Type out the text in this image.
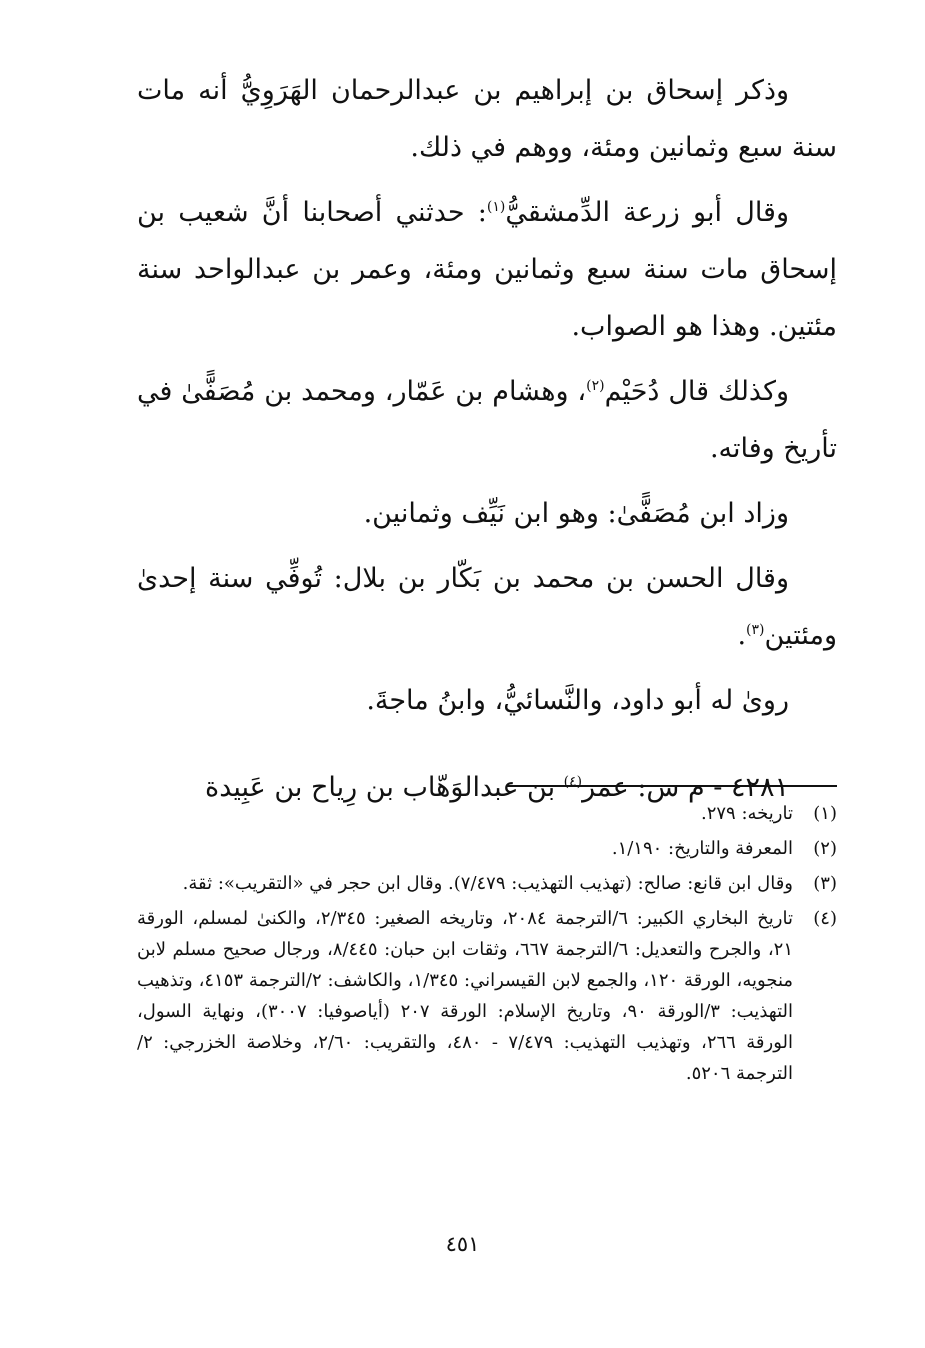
وذكر إسحاق بن إبراهيم بن عبدالرحمان الهَرَوِيُّ أنه مات سنة سبع وثمانين ومئة، ووهم في ذلك.

وقال أبو زرعة الدِّمشقيُّ$^{(١)}$: حدثني أصحابنا أنَّ شعيب بن إسحاق مات سنة سبع وثمانين ومئة، وعمر بن عبدالواحد سنة مئتين. وهذا هو الصواب.

وكذلك قال دُحَيْم$^{(٢)}$، وهشام بن عَمّار، ومحمد بن مُصَفًّىٰ في تأريخ وفاته.

وزاد ابن مُصَفًّىٰ: وهو ابن نَيِّف وثمانين.

وقال الحسن بن محمد بن بَكّار بن بلال: تُوفِّي سنة إحدىٰ ومئتين$^{(٣)}$.

روىٰ له أبو داود، والنَّسائيُّ، وابنُ ماجةَ.

٤٢٨١ - م س: عمر$^{(٤)}$ بن عبدالوَهّاب بن رِياح بن عَبِيدة

(١)
تاريخه: ٢٧٩.
(٢)
المعرفة والتاريخ: ١/١٩٠.
(٣)
وقال ابن قانع: صالح: (تهذيب التهذيب: ٧/٤٧٩). وقال ابن حجر في «التقريب»: ثقة.
(٤)
تاريخ البخاري الكبير: ٦/الترجمة ٢٠٨٤، وتاريخه الصغير: ٢/٣٤٥، والكنىٰ لمسلم، الورقة ٢١، والجرح والتعديل: ٦/الترجمة ٦٦٧، وثقات ابن حبان: ٨/٤٤٥، ورجال صحيح مسلم لابن منجويه، الورقة ١٢٠، والجمع لابن القيسراني: ١/٣٤٥، والكاشف: ٢/الترجمة ٤١٥٣، وتذهيب التهذيب: ٣/الورقة ٩٠، وتاريخ الإسلام: الورقة ٢٠٧ (أياصوفيا: ٣٠٠٧)، ونهاية السول، الورقة ٢٦٦، وتهذيب التهذيب: ٧/٤٧٩ - ٤٨٠، والتقريب: ٢/٦٠، وخلاصة الخزرجي: ٢/الترجمة ٥٢٠٦.
٤٥١
